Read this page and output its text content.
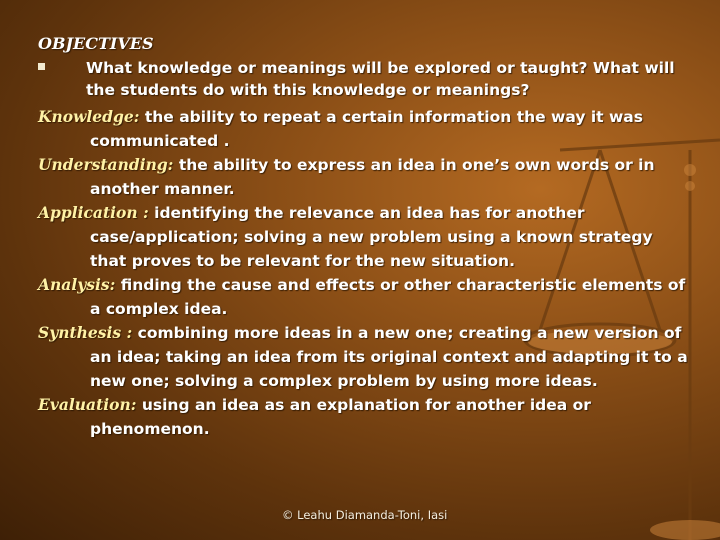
OBJECTIVES
What knowledge or meanings will be explored or taught? What will the students do with this knowledge or meanings?

Knowledge: the ability to repeat a certain information the way it was communicated .

Understanding: the ability to express an idea in one’s own words or in another manner.

Application : identifying the relevance an idea has for another case/application; solving a new problem using a known strategy that proves to be relevant for the new situation.

Analysis: finding the cause and effects or other characteristic elements of a complex idea.

Synthesis : combining more ideas in a new one; creating a new version of an idea; taking an idea from its original context and adapting it to a new one; solving a complex problem by using more ideas.

Evaluation: using an idea as an explanation for another idea or phenomenon.

© Leahu Diamanda-Toni, Iasi
